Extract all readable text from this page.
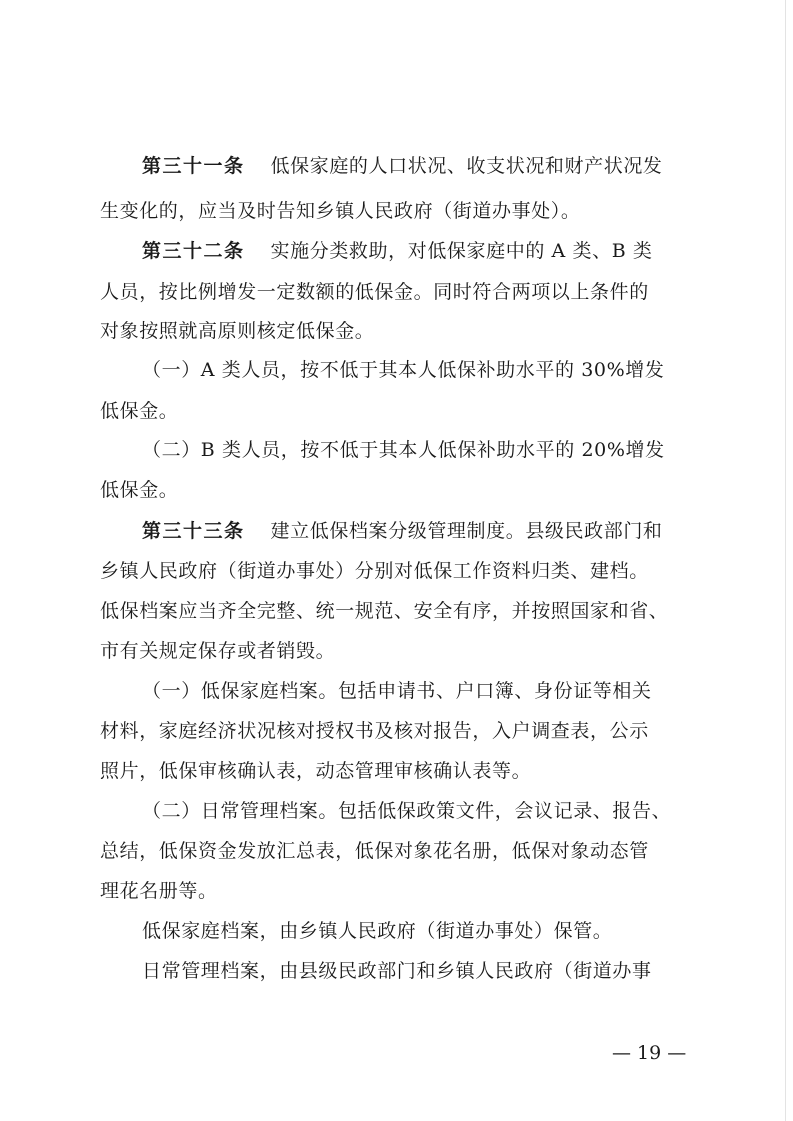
第三十一条 低保家庭的人口状况、收支状况和财产状况发
生变化的，应当及时告知乡镇人民政府（街道办事处）。
第三十二条 实施分类救助，对低保家庭中的 A 类、B 类
人员，按比例增发一定数额的低保金。同时符合两项以上条件的
对象按照就高原则核定低保金。
（一）A 类人员，按不低于其本人低保补助水平的 30%增发
低保金。
（二）B 类人员，按不低于其本人低保补助水平的 20%增发
低保金。
第三十三条 建立低保档案分级管理制度。县级民政部门和
乡镇人民政府（街道办事处）分别对低保工作资料归类、建档。
低保档案应当齐全完整、统一规范、安全有序，并按照国家和省、
市有关规定保存或者销毁。
（一）低保家庭档案。包括申请书、户口簿、身份证等相关
材料，家庭经济状况核对授权书及核对报告，入户调查表，公示
照片，低保审核确认表，动态管理审核确认表等。
（二）日常管理档案。包括低保政策文件，会议记录、报告、
总结，低保资金发放汇总表，低保对象花名册，低保对象动态管
理花名册等。
低保家庭档案，由乡镇人民政府（街道办事处）保管。
日常管理档案，由县级民政部门和乡镇人民政府（街道办事
— 19 —
